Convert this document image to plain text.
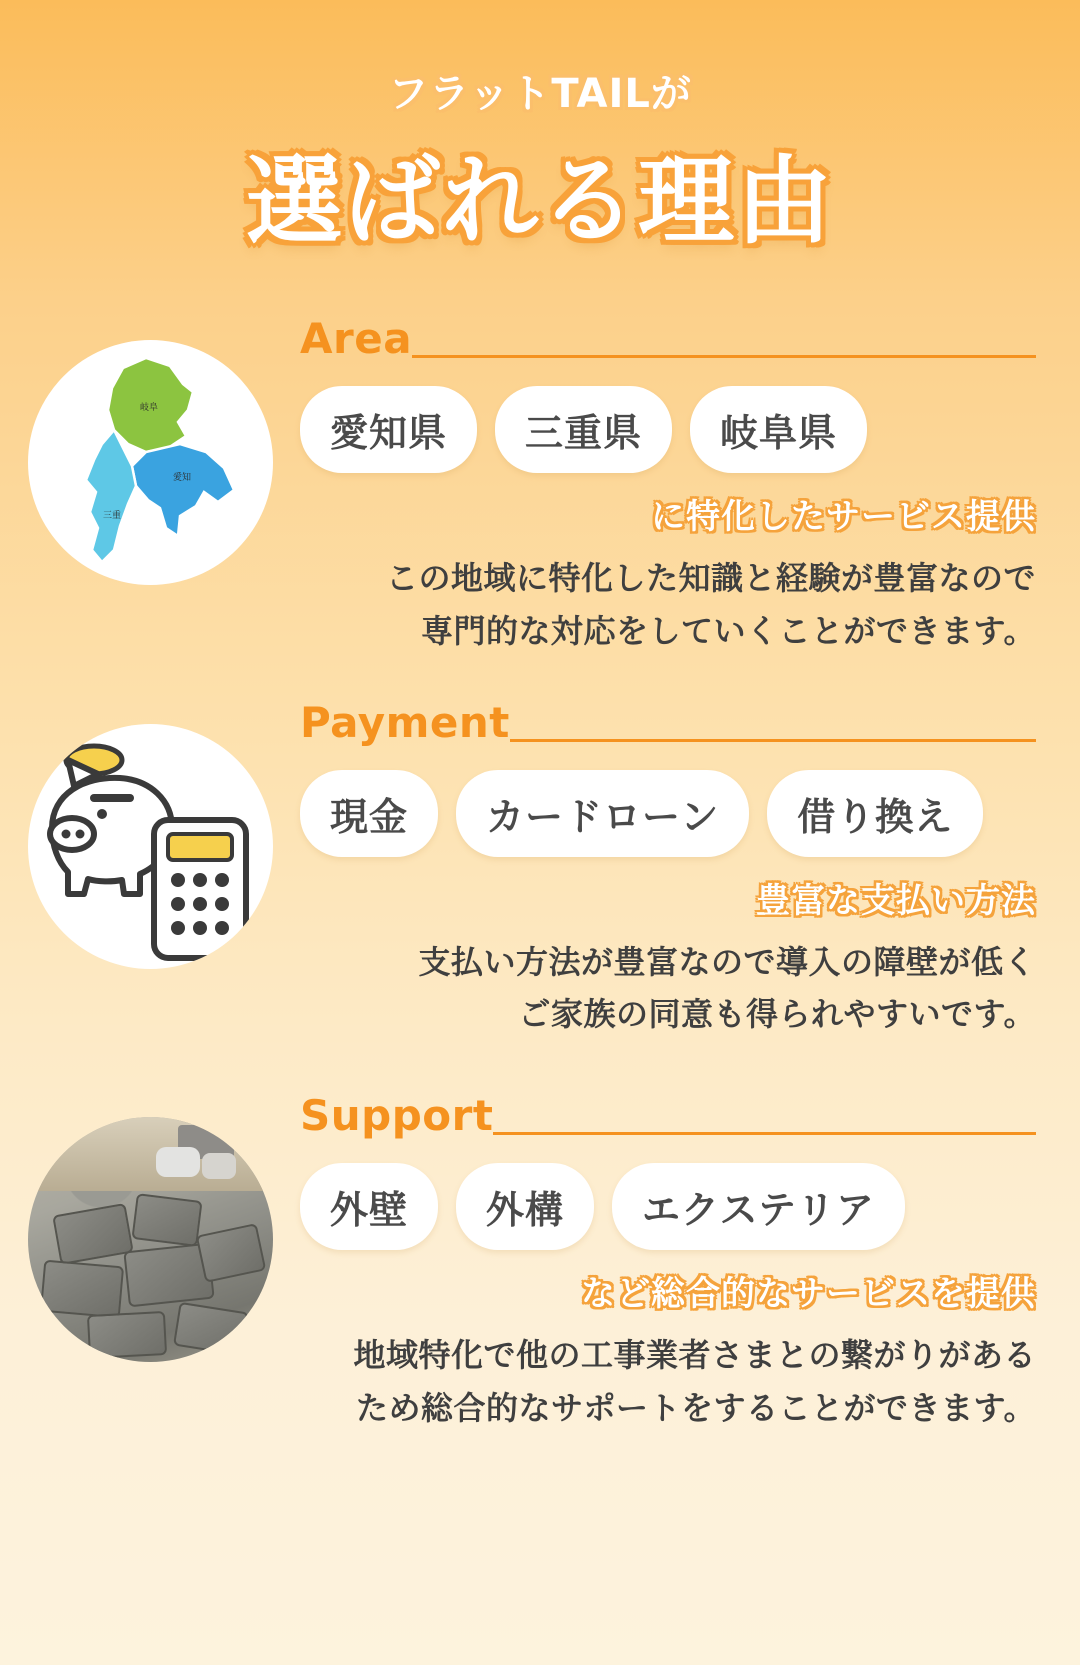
フラットTAILが
選ばれる理由
岐阜
愛知
三重
Area
愛知県	三重県	岐阜県
に特化したサービス提供
この地域に特化した知識と経験が豊富なので
専門的な対応をしていくことができます。
Payment
現金	カードローン	借り換え
豊富な支払い方法
支払い方法が豊富なので導入の障壁が低く
ご家族の同意も得られやすいです。
Support
外壁	外構	エクステリア
など総合的なサービスを提供
地域特化で他の工事業者さまとの繋がりがある
ため総合的なサポートをすることができます。
